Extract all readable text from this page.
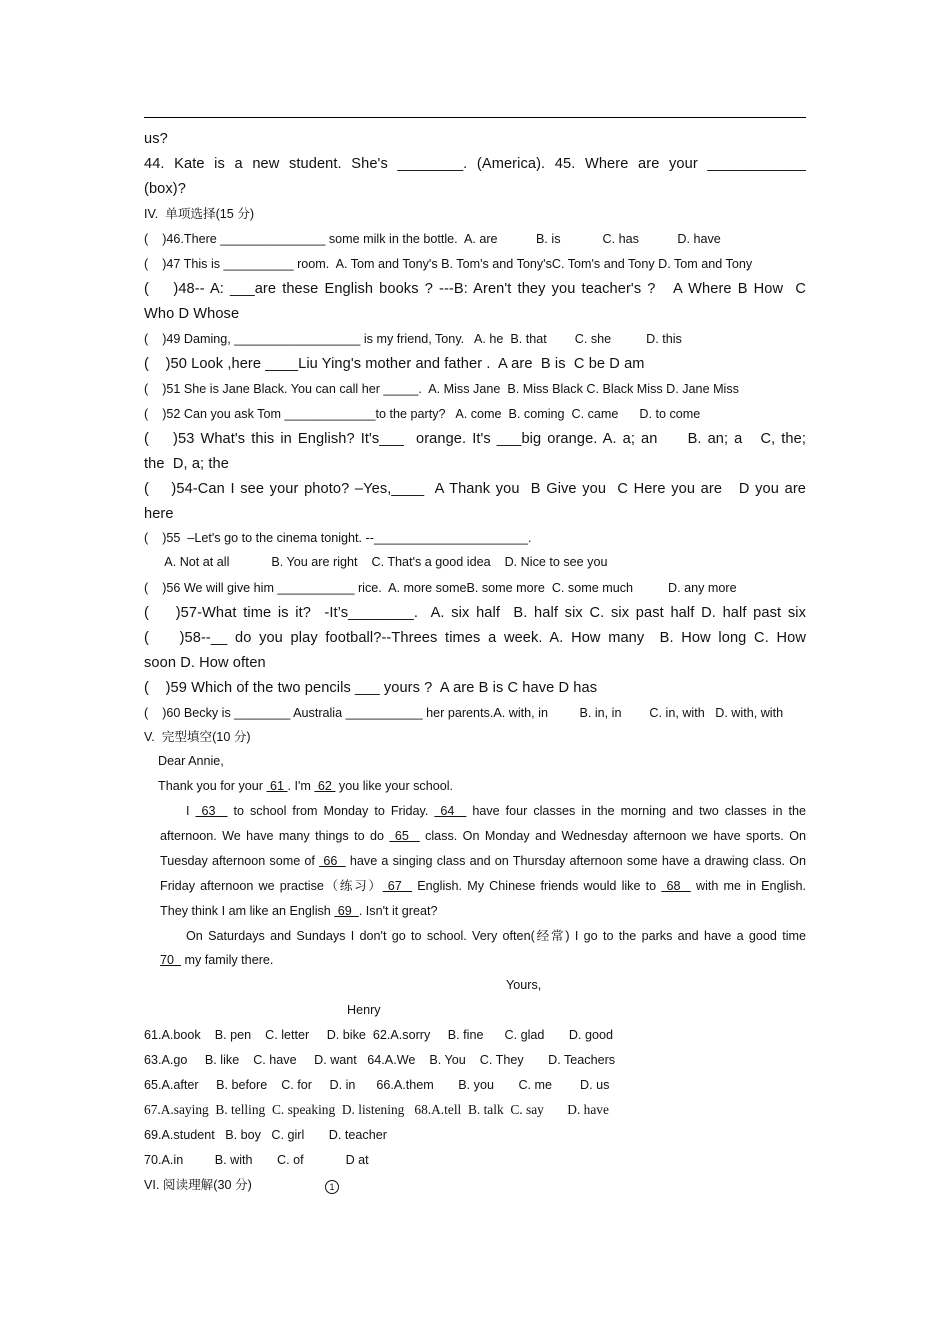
us?
44. Kate is a new student. She's ________. (America). 45. Where are your ____________
(box)?
IV.  单项选择(15 分)
(    )46.There _______________ some milk in the bottle.  A. are           B. is            C. has           D. have
(    )47 This is __________ room.  A. Tom and Tony's B. Tom's and Tony'sC. Tom's and Tony D. Tom and Tony
(    )48-- A: ___are these English books ? ---B: Aren't they you teacher's ?   A Where B How  C
Who D Whose
(    )49 Daming, __________________ is my friend, Tony.   A. he  B. that        C. she          D. this
(    )50 Look ,here ____Liu Ying's mother and father .  A are  B is  C be D am
(    )51 She is Jane Black. You can call her _____.  A. Miss Jane  B. Miss Black C. Black Miss D. Jane Miss
(    )52 Can you ask Tom _____________to the party?   A. come  B. coming  C. came      D. to come
(    )53 What's this in English? It's___  orange. It's ___big orange. A. a; an     B. an; a   C, the;
the  D, a; the
(    )54-Can I see your photo? –Yes,____  A Thank you  B Give you  C Here you are   D you are
here
(    )55  –Let's go to the cinema tonight. --______________________.
A. Not at all            B. You are right    C. That's a good idea    D. Nice to see you
(    )56 We will give him ___________ rice.  A. more someB. some more  C. some much          D. any more
(    )57-What time is it?  -It’s________.  A. six half  B. half six C. six past half D. half past six
(    )58--__ do you play football?--Threes times a week. A. How many  B. How long C. How
soon D. How often
(    )59 Which of the two pencils ___ yours ?  A are B is C have D has
(    )60 Becky is ________ Australia ___________ her parents.A. with, in         B. in, in        C. in, with   D. with, with
V.  完型填空(10 分)
Dear Annie,
Thank you for your  61 . I'm  62  you like your school.
I  63   to school from Monday to Friday.  64   have four classes in the morning and two classes in the
afternoon. We have many things to do  65   class. On Monday and Wednesday afternoon we have sports. On
Tuesday afternoon some of  66   have a singing class and on Thursday afternoon some have a drawing class. On
Friday afternoon we practise（练习） 67   English. My Chinese friends would like to  68   with me in English.
They think I am like an English  69  . Isn't it great?
On Saturdays and Sundays I don't go to school. Very often(经常) I go to the parks and have a good time
70   my family there.
Yours,
Henry
61.A.book    B. pen    C. letter     D. bike  62.A.sorry     B. fine      C. glad       D. good
63.A.go     B. like    C. have     D. want   64.A.We    B. You    C. They       D. Teachers
65.A.after     B. before    C. for     D. in      66.A.them       B. you       C. me        D. us
67.A.saying  B. telling  C. speaking  D. listening   68.A.tell  B. talk  C. say       D. have
69.A.student   B. boy   C. girl       D. teacher
70.A.in         B. with       C. of            D at
VI. 阅读理解(30 分)	1
